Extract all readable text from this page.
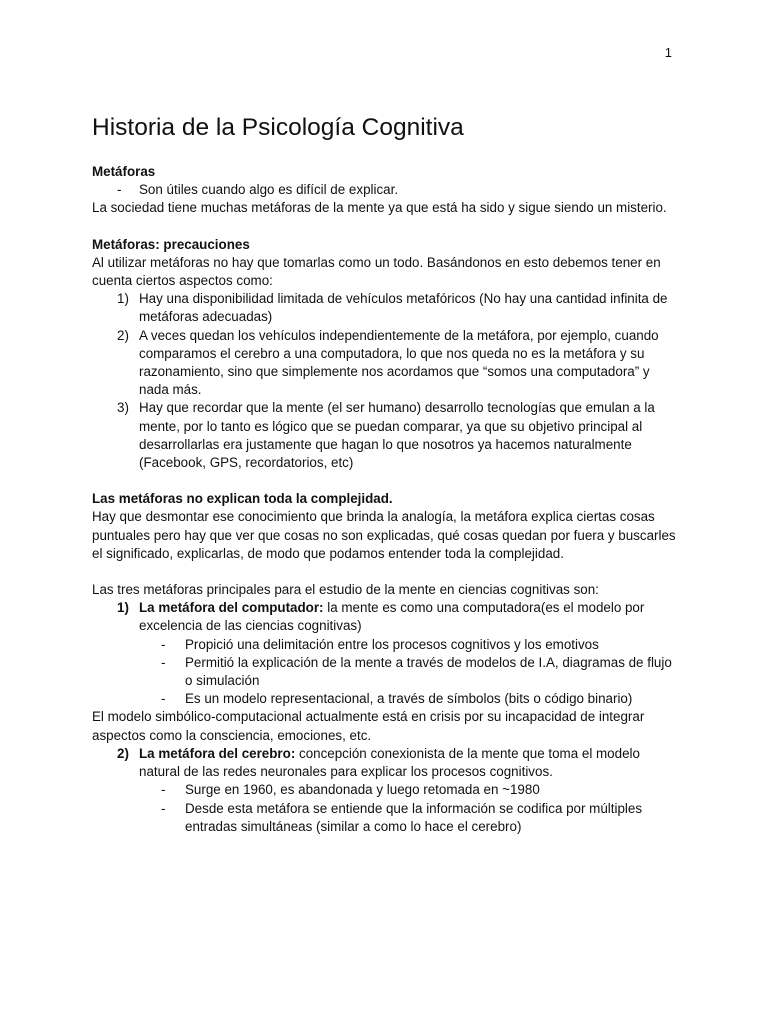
1
Historia de la Psicología Cognitiva

Metáforas

- Son útiles cuando algo es difícil de explicar.

La sociedad tiene muchas metáforas de la mente ya que está ha sido y sigue siendo un misterio.

Metáforas: precauciones

Al utilizar metáforas no hay que tomarlas como un todo. Basándonos en esto debemos tener en cuenta ciertos aspectos como:

1) Hay una disponibilidad limitada de vehículos metafóricos (No hay una cantidad infinita de metáforas adecuadas)
2) A veces quedan los vehículos independientemente de la metáfora, por ejemplo, cuando comparamos el cerebro a una computadora, lo que nos queda no es la metáfora y su razonamiento, sino que simplemente nos acordamos que “somos una computadora” y nada más.
3) Hay que recordar que la mente (el ser humano) desarrollo tecnologías que emulan a la mente, por lo tanto es lógico que se puedan comparar, ya que su objetivo principal al desarrollarlas era justamente que hagan lo que nosotros ya hacemos naturalmente (Facebook, GPS, recordatorios, etc)

Las metáforas no explican toda la complejidad.

Hay que desmontar ese conocimiento que brinda la analogía, la metáfora explica ciertas cosas puntuales pero hay que ver que cosas no son explicadas, qué cosas quedan por fuera y buscarles el significado, explicarlas, de modo que podamos entender toda la complejidad.

Las tres metáforas principales para el estudio de la mente en ciencias cognitivas son:

1) La metáfora del computador: la mente es como una computadora(es el modelo por excelencia de las ciencias cognitivas)
- Propició una delimitación entre los procesos cognitivos y los emotivos
- Permitió la explicación de la mente a través de modelos de I.A, diagramas de flujo o simulación
- Es un modelo representacional, a través de símbolos (bits o código binario)

El modelo simbólico-computacional actualmente está en crisis por su incapacidad de integrar aspectos como la consciencia, emociones, etc.

2) La metáfora del cerebro: concepción conexionista de la mente que toma el modelo natural de las redes neuronales para explicar los procesos cognitivos.
- Surge en 1960, es abandonada y luego retomada en ~1980
- Desde esta metáfora se entiende que la información se codifica por múltiples entradas simultáneas (similar a como lo hace el cerebro)
